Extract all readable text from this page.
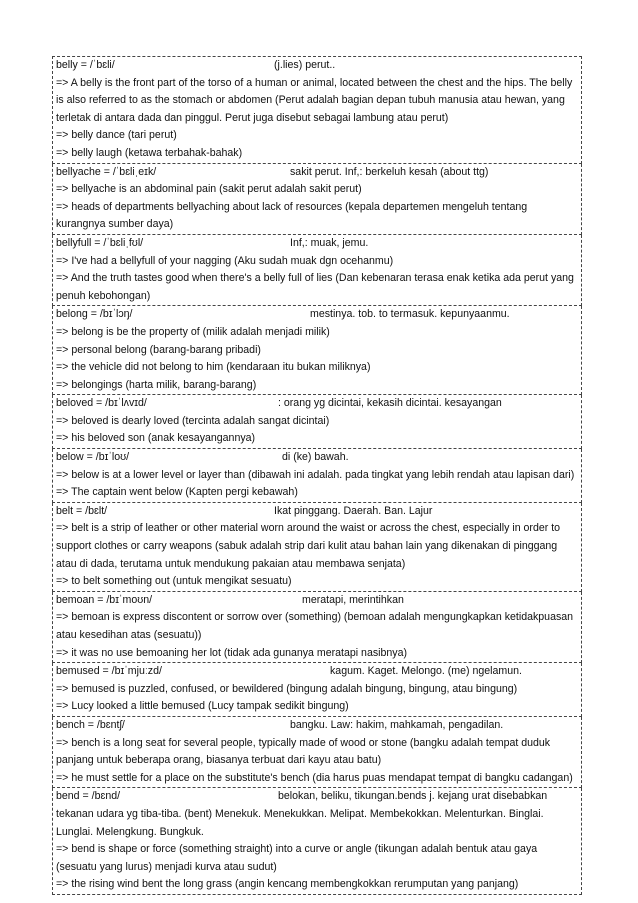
belly = /ˈbɛli/	(j.lies) perut..
=> A belly is the front part of the torso of a human or animal, located between the chest and the hips. The belly is also referred to as the stomach or abdomen (Perut adalah bagian depan tubuh manusia atau hewan, yang terletak di antara dada dan pinggul. Perut juga disebut sebagai lambung atau perut)
=> belly dance (tari perut)
=> belly laugh (ketawa terbahak-bahak)
bellyache = /ˈbɛliˌeɪk/	sakit perut. Inf,: berkeluh kesah (about ttg)
=> bellyache is an abdominal pain (sakit perut adalah sakit perut)
=> heads of departments bellyaching about lack of resources (kepala departemen mengeluh tentang kurangnya sumber daya)
bellyfull = /ˈbɛliˌfʊl/	Inf,: muak, jemu.
=> I've had a bellyfull of your nagging (Aku sudah muak dgn ocehanmu)
=> And the truth tastes good when there's a belly full of lies (Dan kebenaran terasa enak ketika ada perut yang penuh kebohongan)
belong = /bɪˈlɔŋ/	mestinya. tob. to termasuk. kepunyaanmu.
=> belong is be the property of (milik adalah menjadi milik)
=> personal belong (barang-barang pribadi)
=> the vehicle did not belong to him (kendaraan itu bukan miliknya)
=> belongings (harta milik, barang-barang)
beloved = /bɪˈlʌvɪd/	: orang yg dicintai, kekasih dicintai. kesayangan
=> beloved is dearly loved (tercinta adalah sangat dicintai)
=> his beloved son (anak kesayangannya)
below = /bɪˈloʊ/	di (ke) bawah.
=> below is at a lower level or layer than (dibawah ini adalah. pada tingkat yang lebih rendah atau lapisan dari)
=> The captain went below (Kapten pergi kebawah)
belt = /bɛlt/	Ikat pinggang. Daerah. Ban. Lajur
=> belt is a strip of leather or other material worn around the waist or across the chest, especially in order to support clothes or carry weapons (sabuk adalah strip dari kulit atau bahan lain yang dikenakan di pinggang atau di dada, terutama untuk mendukung pakaian atau membawa senjata)
=> to belt something out (untuk mengikat sesuatu)
bemoan = /bɪˈmoʊn/	meratapi, merintihkan
=> bemoan is express discontent or sorrow over (something) (bemoan adalah mengungkapkan ketidakpuasan atau kesedihan atas (sesuatu))
=> it was no use bemoaning her lot (tidak ada gunanya meratapi nasibnya)
bemused = /bɪˈmjuːzd/	kagum. Kaget. Melongo. (me) ngelamun.
=> bemused is puzzled, confused, or bewildered (bingung adalah bingung, bingung, atau bingung)
=> Lucy looked a little bemused (Lucy tampak sedikit bingung)
bench = /bɛntʃ/	bangku. Law: hakim, mahkamah, pengadilan.
=> bench is a long seat for several people, typically made of wood or stone (bangku adalah tempat duduk panjang untuk beberapa orang, biasanya terbuat dari kayu atau batu)
=> he must settle for a place on the substitute's bench (dia harus puas mendapat tempat di bangku cadangan)
bend = /bɛnd/	belokan, beliku, tikungan.bends j. kejang urat disebabkan
tekanan udara yg tiba-tiba. (bent) Menekuk. Menekukkan. Melipat. Membekokkan. Melenturkan. Binglai. Lunglai. Melengkung. Bungkuk.
=> bend is shape or force (something straight) into a curve or angle (tikungan adalah bentuk atau gaya (sesuatu yang lurus) menjadi kurva atau sudut)
=> the rising wind bent the long grass (angin kencang membengkokkan rerumputan yang panjang)
